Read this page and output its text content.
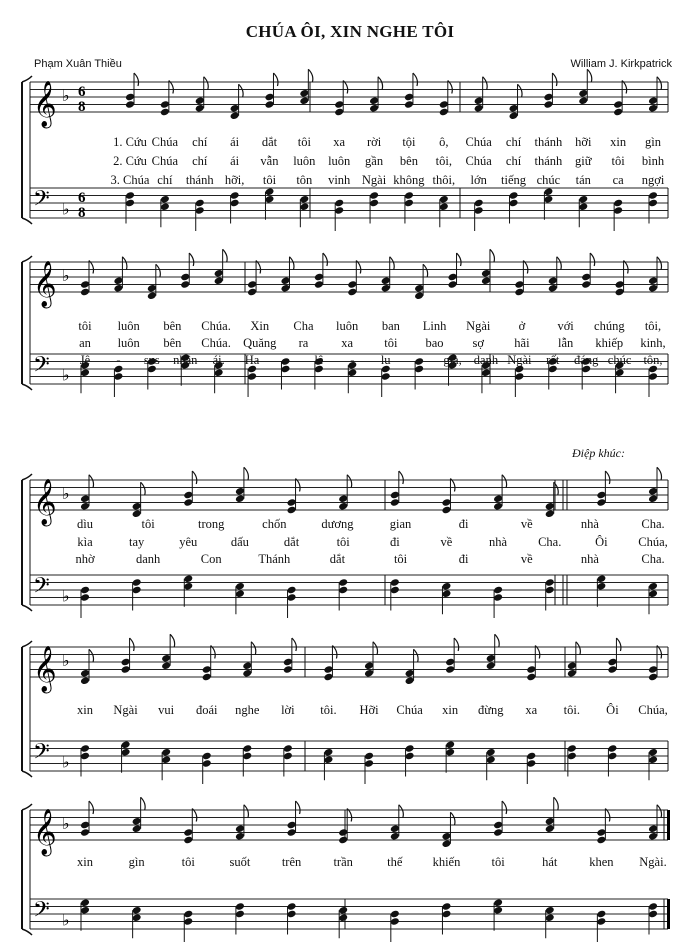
CHÚA ÔI, XIN NGHE TÔI
Phạm Xuân Thiều	William J. Kirkpatrick
𝄞 ♭ 6
8
𝄢 ♭
6
8
𝄞 ♭
𝄢 ♭
𝄞 ♭
𝄢 ♭
𝄞 ♭
𝄢 ♭
𝄞 ♭
𝄢 ♭
Điệp khúc:
1. Cứu Chúa chí ái dắt tôi xa rời tội ô, Chúa chí thánh hỡi xin gìn
2. Cứu Chúa chí ái vẫn luôn luôn gần bên tôi, Chúa chí thánh giữ tôi bình
3. Chúa chí thánh hỡi, tôi tôn vinh Ngài không thôi, lớn tiếng chúc tán ca ngợi
tôi luôn bên Chúa. Xin Cha luôn ban Linh Ngài ở	với chúng tôi,
an luôn bên Chúa. Quăng ra	xa tôi bao sợ hãi lẫn khiếp kinh,
Jê - sus nhân ái. Ha - lê - lu - gia, danh Ngài rất đáng chúc tôn,
dìu	tôi	trong	chốn	dương	gian	đi	về	nhà	Cha.
kìa	tay	yêu	dấu	dắt	tôi	đi	về	nhà Cha.	Ôi Chúa,
nhờ	danh	Con	Thánh	dắt	tôi	đi	về	nhà	Cha.
xin Ngài vui đoái nghe lời tôi. Hỡi Chúa xin đừng xa tôi. Ôi Chúa,
xin	gìn	tôi	suốt	trên	trần	thế khiến tôi	hát	khen Ngài.
